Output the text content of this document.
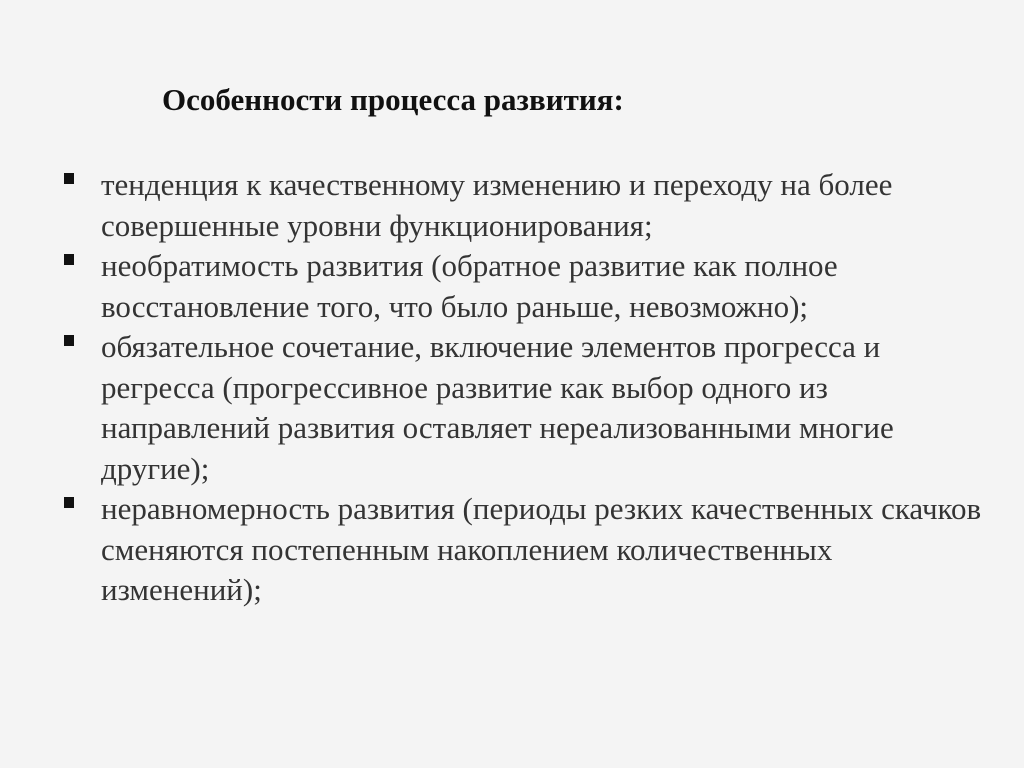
Особенности процесса развития:
тенденция к качественному изменению и переходу на более совершенные уровни функционирования;
необратимость развития (обратное развитие как полное восстановление того, что было раньше, невозможно);
обязательное сочетание, включение элементов прогресса и регресса (прогрессивное развитие как выбор одного из направлений развития оставляет нереализованными многие другие);
неравномерность развития (периоды резких качественных скачков сменяются постепенным накоплением количественных изменений);
